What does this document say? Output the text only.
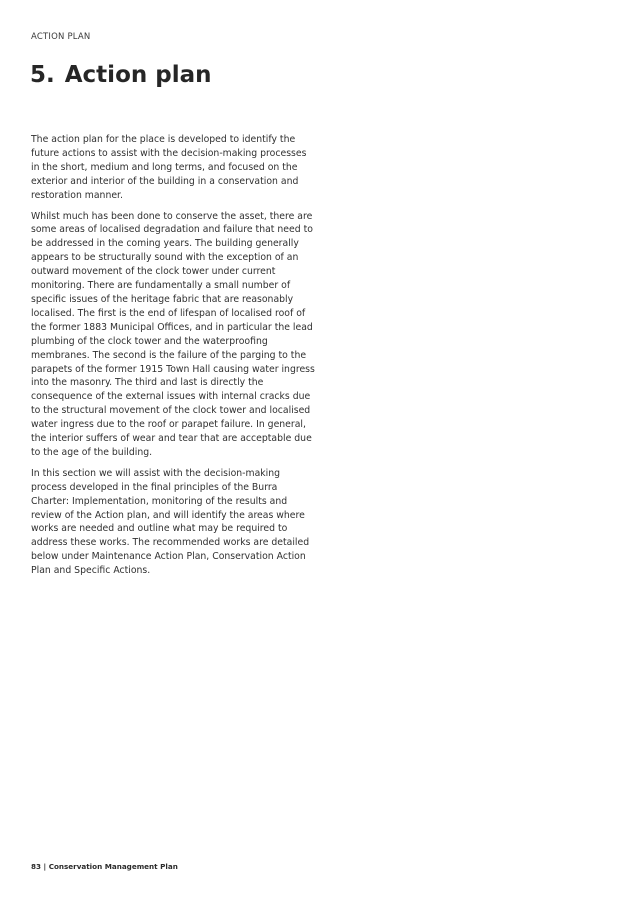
ACTION PLAN
5. Action plan

The action plan for the place is developed to identify the future actions to assist with the decision-making processes in the short, medium and long terms, and focused on the exterior and interior of the building in a conservation and restoration manner.

Whilst much has been done to conserve the asset, there are some areas of localised degradation and failure that need to be addressed in the coming years. The building generally appears to be structurally sound with the exception of an outward movement of the clock tower under current monitoring. There are fundamentally a small number of specific issues of the heritage fabric that are reasonably localised. The first is the end of lifespan of localised roof of the former 1883 Municipal Offices, and in particular the lead plumbing of the clock tower and the waterproofing membranes. The second is the failure of the parging to the parapets of the former 1915 Town Hall causing water ingress into the masonry. The third and last is directly the consequence of the external issues with internal cracks due to the structural movement of the clock tower and localised water ingress due to the roof or parapet failure. In general, the interior suffers of wear and tear that are acceptable due to the age of the building.

In this section we will assist with the decision-making process developed in the final principles of the Burra Charter: Implementation, monitoring of the results and review of the Action plan, and will identify the areas where works are needed and outline what may be required to address these works. The recommended works are detailed below under Maintenance Action Plan, Conservation Action Plan and Specific Actions.

83 | Conservation Management Plan
